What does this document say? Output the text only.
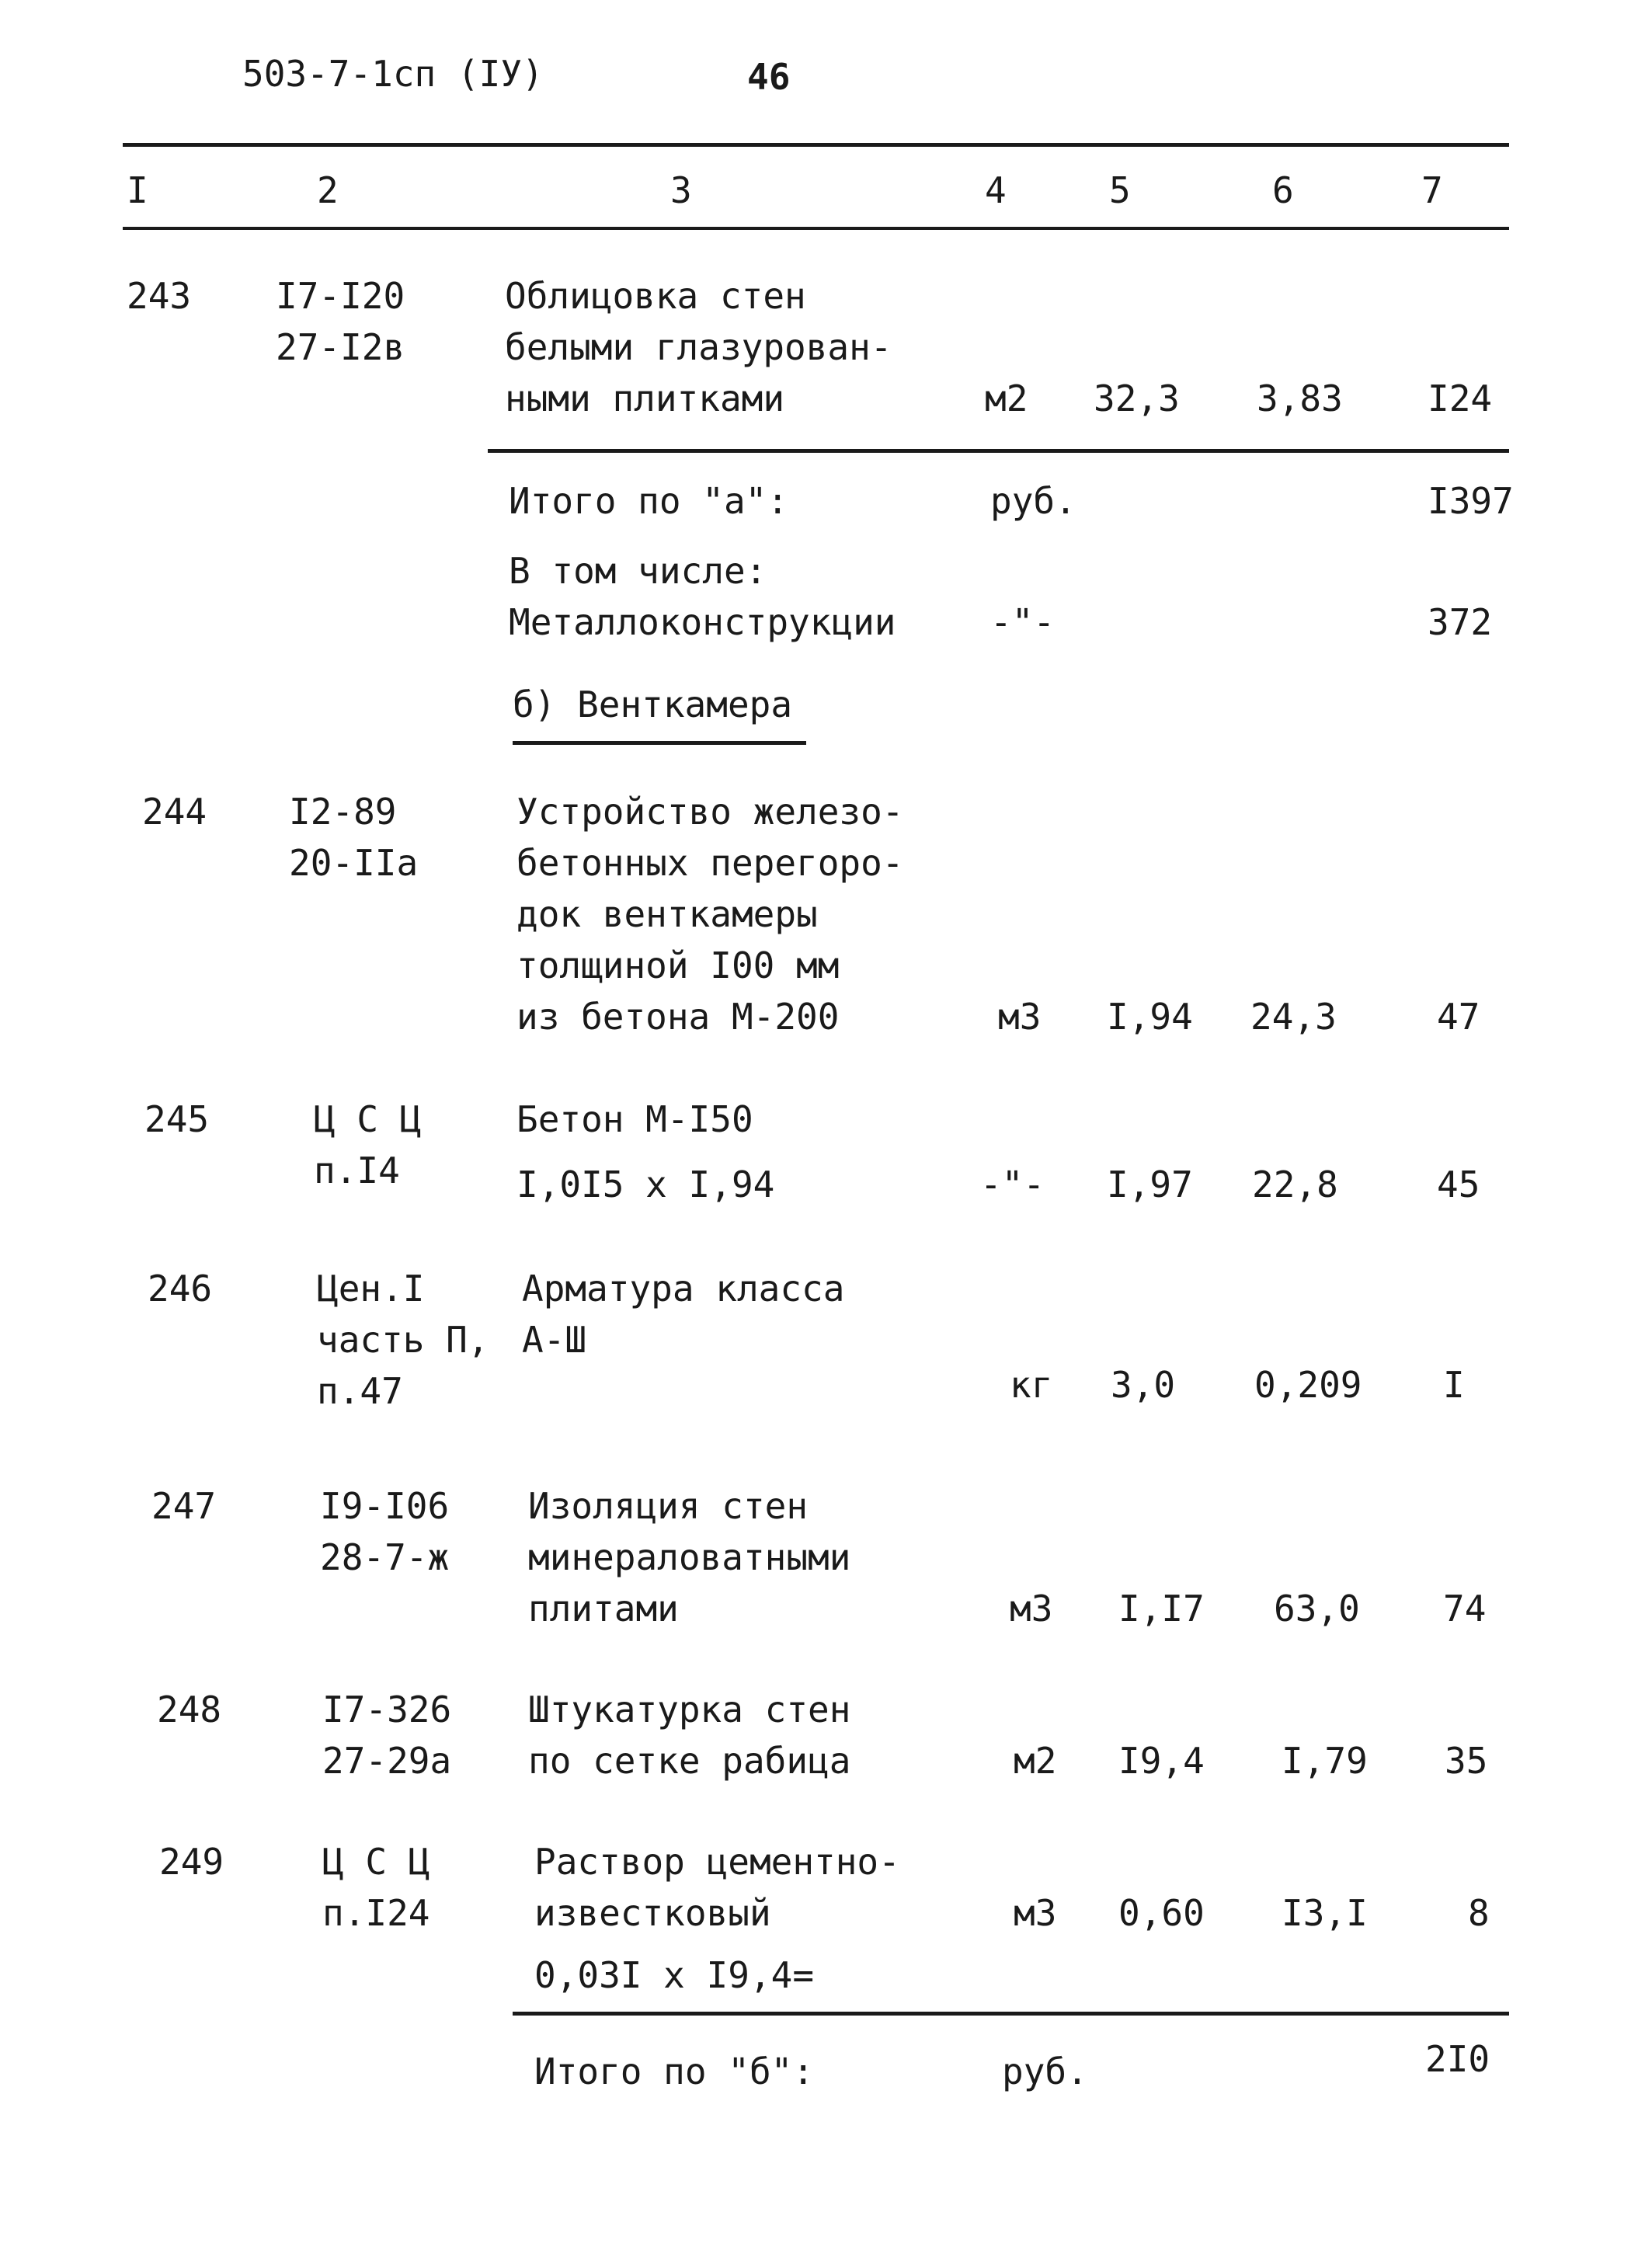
503-7-1сп (IУ)	46
I	2	3	4	5	6	7
243 I7-I20
27-I2в
Облицовка стен
белыми глазурован-
ными плитками	м2 32,3 3,83 I24
Итого по "а":	руб.	I397
В том числе:
Металлоконструкции	-"-	372
б) Венткамера
244 I2-89
20-IIa
Устройство железо-
бетонных перегоро-
док венткамеры
толщиной I00 мм
из бетона М-200	м3 I,94 24,3	47
245	Ц С Ц
п.I4
Бетон М-I50
I,0I5 x I,94	-"- I,97 22,8	45
246	Цен.I
часть П,
п.47
Арматура класса
A-Ш
кг 3,0 0,209 I
247	I9-I06
28-7-ж
Изоляция стен
минераловатными
плитами	м3 I,I7 63,0 74
248	I7-326
27-29a
Штукатурка стен
по сетке рабица	м2 I9,4 I,79 35
249	Ц С Ц
п.I24
Раствор цементно-
известковый
0,03I x I9,4=
м3 0,60 I3,I	8
Итого по "б":	руб.	2I0
